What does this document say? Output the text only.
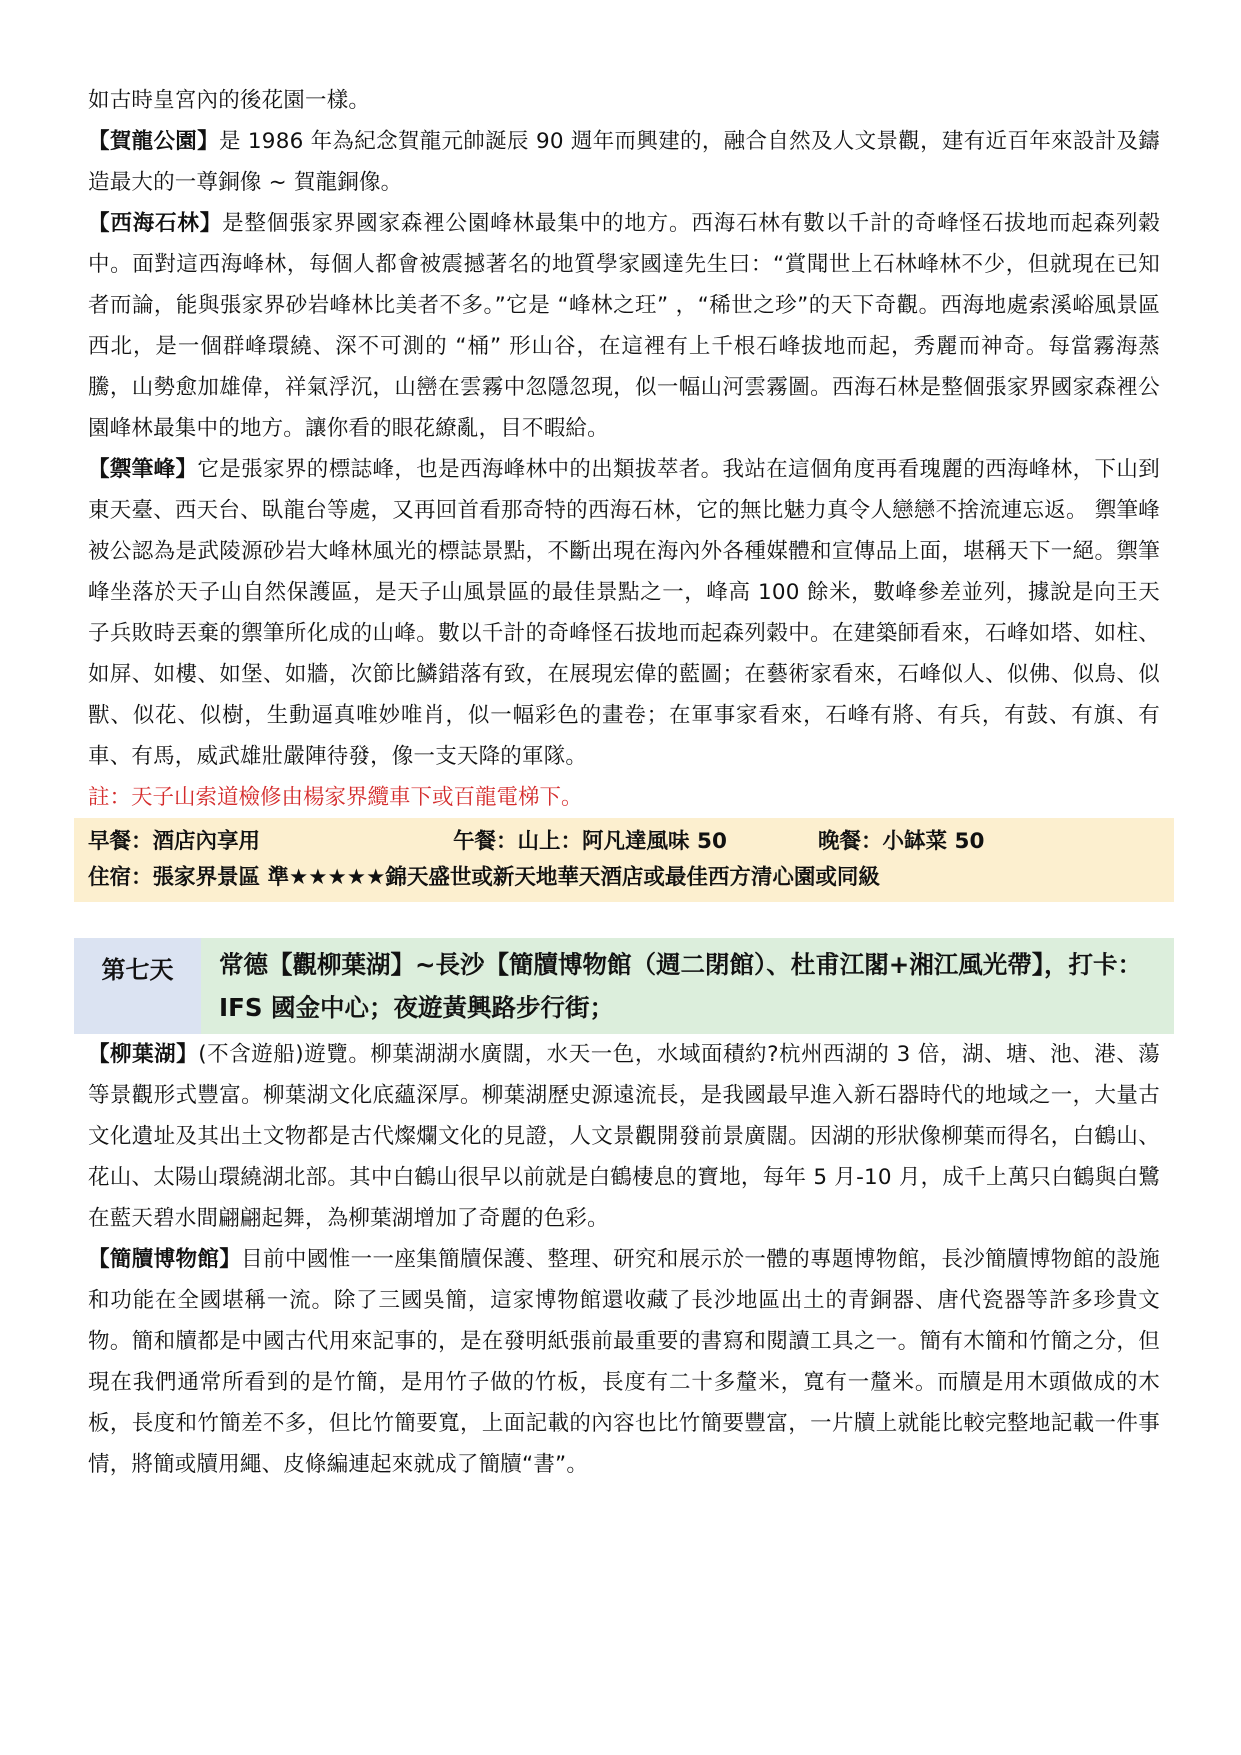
如古時皇宮內的後花園一樣。

【賀龍公園】是 1986 年為紀念賀龍元帥誕辰 90 週年而興建的，融合自然及人文景觀，建有近百年來設計及鑄造最大的一尊銅像 ~ 賀龍銅像。

【西海石林】是整個張家界國家森裡公園峰林最集中的地方。西海石林有數以千計的奇峰怪石拔地而起森列糓中。面對這西海峰林，每個人都會被震撼著名的地質學家國達先生曰：“賞聞世上石林峰林不少，但就現在已知者而論，能與張家界砂岩峰林比美者不多。”它是 “峰林之玨” ，“稀世之珍”的天下奇觀。西海地處索溪峪風景區西北，是一個群峰環繞、深不可測的 “桶” 形山谷，在這裡有上千根石峰拔地而起，秀麗而神奇。每當霧海蒸騰，山勢愈加雄偉，祥氣浮沉，山巒在雲霧中忽隱忽現，似一幅山河雲霧圖。西海石林是整個張家界國家森裡公園峰林最集中的地方。讓你看的眼花繚亂，目不暇給。

【禦筆峰】它是張家界的標誌峰，也是西海峰林中的出類拔萃者。我站在這個角度再看瑰麗的西海峰林，下山到東天臺、西天台、臥龍台等處，又再回首看那奇特的西海石林，它的無比魅力真令人戀戀不捨流連忘返。 禦筆峰被公認為是武陵源砂岩大峰林風光的標誌景點，不斷出現在海內外各種媒體和宣傳品上面，堪稱天下一絕。禦筆峰坐落於天子山自然保護區，是天子山風景區的最佳景點之一，峰高 100 餘米，數峰參差並列，據說是向王天子兵敗時丟棄的禦筆所化成的山峰。數以千計的奇峰怪石拔地而起森列糓中。在建築師看來，石峰如塔、如柱、如屏、如樓、如堡、如牆，次節比鱗錯落有致，在展現宏偉的藍圖；在藝術家看來，石峰似人、似佛、似鳥、似獸、似花、似樹，生動逼真唯妙唯肖，似一幅彩色的畫卷；在軍事家看來，石峰有將、有兵，有鼓、有旗、有車、有馬，威武雄壯嚴陣待發，像一支天降的軍隊。

註：天子山索道檢修由楊家界纜車下或百龍電梯下。

早餐：酒店內享用	午餐：山上：阿凡達風味 50	晚餐：小缽菜 50
住宿：張家界景區 準★★★★★錦天盛世或新天地華天酒店或最佳西方清心園或同級
第七天	常德【觀柳葉湖】~長沙【簡牘博物館（週二閉館）、杜甫江閣+湘江風光帶】，打卡：IFS 國金中心；夜遊黃興路步行街；

【柳葉湖】(不含遊船)遊覽。柳葉湖湖水廣闊，水天一色，水域面積約?杭州西湖的 3 倍，湖、塘、池、港、蕩等景觀形式豐富。柳葉湖文化底蘊深厚。柳葉湖歷史源遠流長，是我國最早進入新石器時代的地域之一，大量古文化遺址及其出土文物都是古代燦爛文化的見證，人文景觀開發前景廣闊。因湖的形狀像柳葉而得名，白鶴山、花山、太陽山環繞湖北部。其中白鶴山很早以前就是白鶴棲息的寶地，每年 5 月-10 月，成千上萬只白鶴與白鷺在藍天碧水間翩翩起舞，為柳葉湖增加了奇麗的色彩。

【簡牘博物館】目前中國惟一一座集簡牘保護、整理、研究和展示於一體的專題博物館，長沙簡牘博物館的設施和功能在全國堪稱一流。除了三國吳簡，這家博物館還收藏了長沙地區出土的青銅器、唐代瓷器等許多珍貴文物。簡和牘都是中國古代用來記事的，是在發明紙張前最重要的書寫和閱讀工具之一。簡有木簡和竹簡之分，但現在我們通常所看到的是竹簡，是用竹子做的竹板，長度有二十多釐米，寬有一釐米。而牘是用木頭做成的木板，長度和竹簡差不多，但比竹簡要寬，上面記載的內容也比竹簡要豐富，一片牘上就能比較完整地記載一件事情，將簡或牘用繩、皮條編連起來就成了簡牘“書”。
